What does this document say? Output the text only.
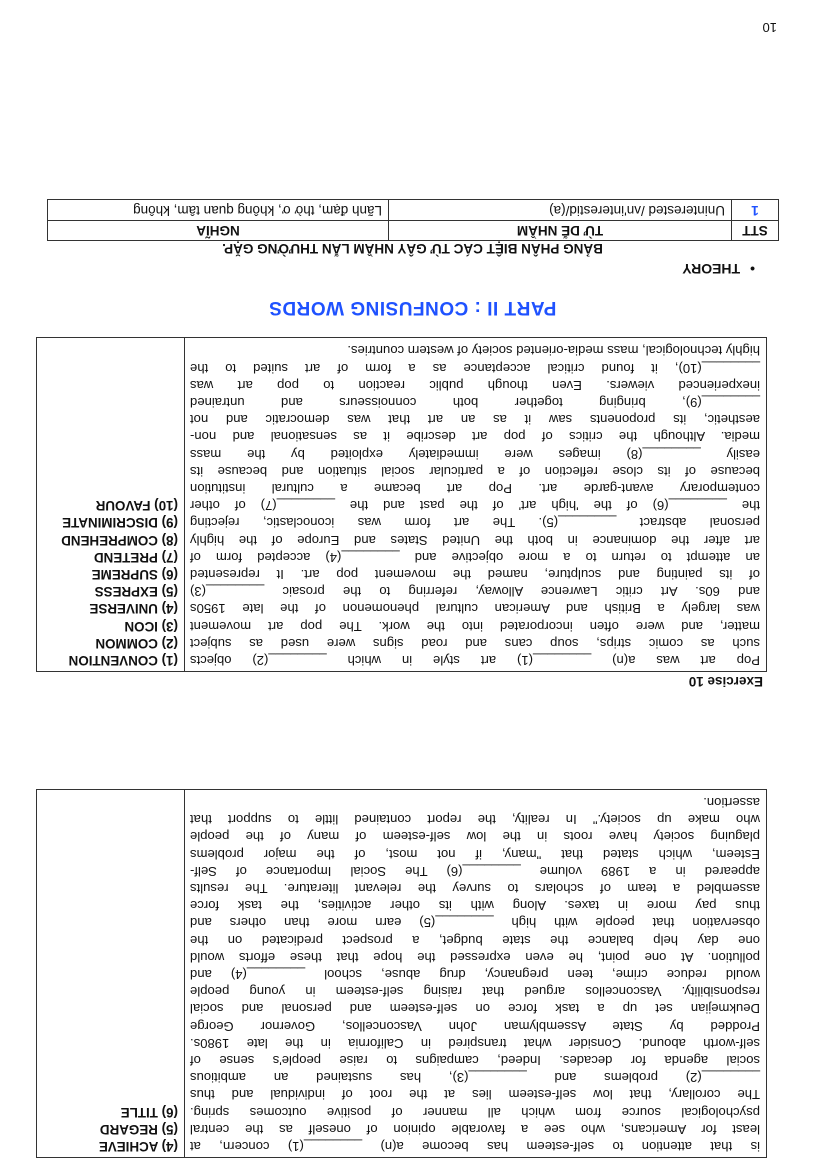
is that attention to self-esteem has become a(n) ________(1) concern, at
least for Americans, who see a favorable opinion of oneself as the central
psychological source from which all manner of positive outcomes spring.
The corollary, that low self-esteem lies at the root of individual and thus
________(2) problems and ________(3), has sustained an ambitious
social agenda for decades. Indeed, campaigns to raise people's sense of
self-worth abound. Consider what transpired in California in the late 1980s.
Prodded by State Assemblyman John Vasconcellos, Governor George
Deukmejian set up a task force on self-esteem and personal and social
responsibility. Vasconcellos argued that raising self-esteem in young people
would reduce crime, teen pregnancy, drug abuse, school ________(4) and
pollution. At one point, he even expressed the hope that these efforts would
one day help balance the state budget, a prospect predicated on the
observation that people with high ________(5) earn more than others and
thus pay more in taxes. Along with its other activities, the task force
assembled a team of scholars to survey the relevant literature. The results
appeared in a 1989 volume ________(6) The Social Importance of Self-
Esteem, which stated that "many, if not most, of the major problems
plaguing society have roots in the low self-esteem of many of the people
who make up society." In reality, the report contained little to support that
assertion.

(4) ACHIEVE
(5) REGARD
(6) TITLE
Exercise 10
Pop art was a(n) ________(1) art style in which ________(2) objects
such as comic strips, soup cans and road signs were used as subject
matter, and were often incorporated into the work. The pop art movement
was largely a British and American cultural phenomenon of the late 1950s
and 60s. Art critic Lawrence Alloway, referring to the prosaic ________(3)
of its painting and sculpture, named the movement pop art. It represented
an attempt to return to a more objective and ________(4) accepted form of
art after the dominance in both the United States and Europe of the highly
personal abstract ________(5). The art form was iconoclastic, rejecting
the ________(6) of the 'high art' of the past and the ________(7) of other
contemporary avant-garde art. Pop art became a cultural institution
because of its close reflection of a particular social situation and because its
easily ________(8) images were immediately exploited by the mass
media. Although the critics of pop art describe it as sensational and non-
aesthetic, its proponents saw it as an art that was democratic and not
________(9), bringing together both connoisseurs and untrained
inexperienced viewers. Even though public reaction to pop art was
________(10), it found critical acceptance as a form of art suited to the
highly technological, mass media-oriented society of western countries.

(1) CONVENTION
(2) COMMON
(3) ICON
(4) UNIVERSE
(5) EXPRESS
(6) SUPREME
(7) PRETEND
(8) COMPREHEND
(9) DISCRIMINATE
(10) FAVOUR
PART II : CONFUSING WORDS
•THEORY
BẢNG PHÂN BIỆT CÁC TỪ GÂY NHẦM LẪN THƯỜNG GẶP.
STT	TỪ DỄ NHẦM	NGHĨA
1	Uninterested /ʌn'interestid/(a)	Lãnh đạm, thờ ơ, không quan tâm, không
10
